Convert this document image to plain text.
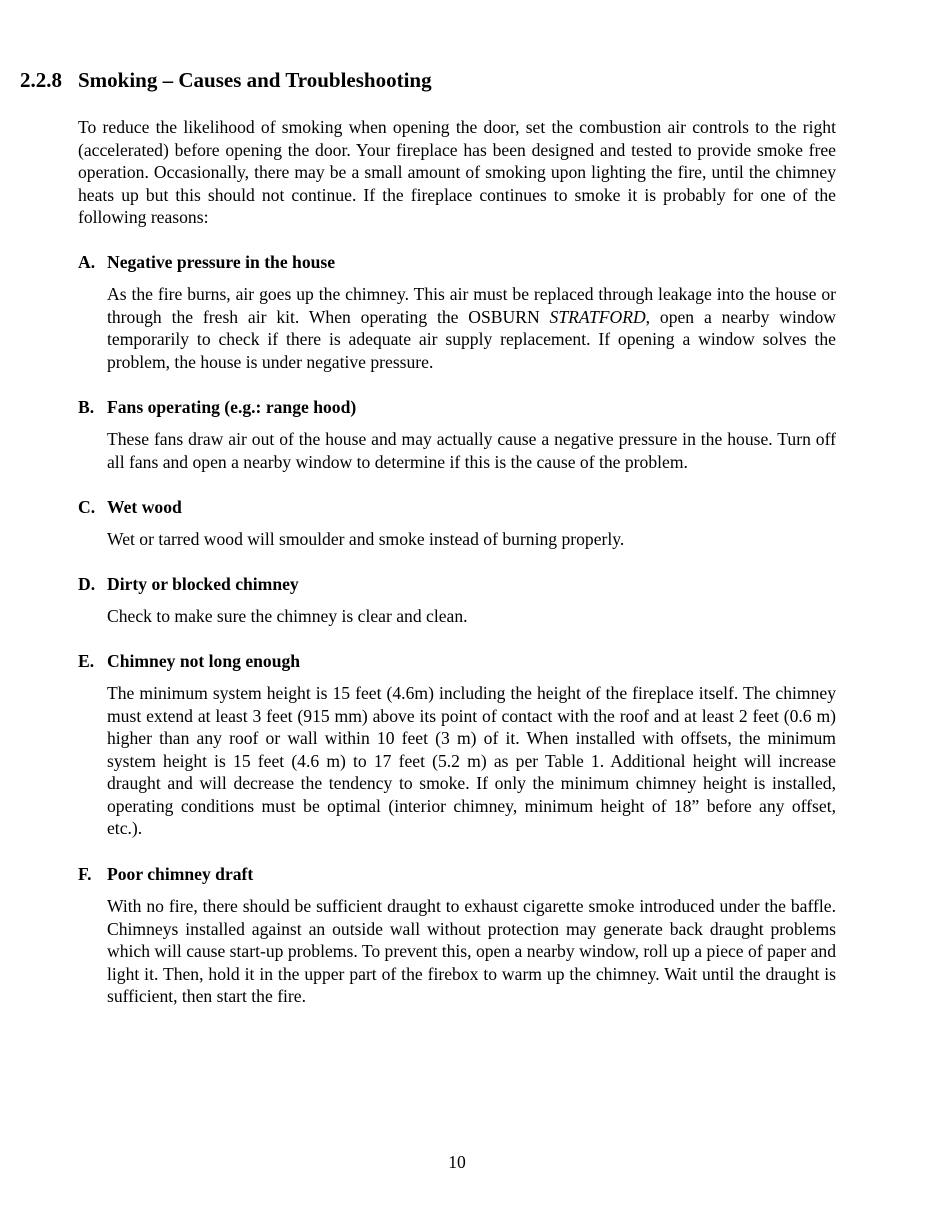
2.2.8 Smoking – Causes and Troubleshooting

To reduce the likelihood of smoking when opening the door, set the combustion air controls to the right (accelerated) before opening the door. Your fireplace has been designed and tested to provide smoke free operation. Occasionally, there may be a small amount of smoking upon lighting the fire, until the chimney heats up but this should not continue. If the fireplace continues to smoke it is probably for one of the following reasons:

A. Negative pressure in the house

As the fire burns, air goes up the chimney. This air must be replaced through leakage into the house or through the fresh air kit. When operating the OSBURN STRATFORD, open a nearby window temporarily to check if there is adequate air supply replacement. If opening a window solves the problem, the house is under negative pressure.

B. Fans operating (e.g.: range hood)

These fans draw air out of the house and may actually cause a negative pressure in the house. Turn off all fans and open a nearby window to determine if this is the cause of the problem.

C. Wet wood

Wet or tarred wood will smoulder and smoke instead of burning properly.

D. Dirty or blocked chimney

Check to make sure the chimney is clear and clean.

E. Chimney not long enough

The minimum system height is 15 feet (4.6m) including the height of the fireplace itself. The chimney must extend at least 3 feet (915 mm) above its point of contact with the roof and at least 2 feet (0.6 m) higher than any roof or wall within 10 feet (3 m) of it. When installed with offsets, the minimum system height is 15 feet (4.6 m) to 17 feet (5.2 m) as per Table 1. Additional height will increase draught and will decrease the tendency to smoke. If only the minimum chimney height is installed, operating conditions must be optimal (interior chimney, minimum height of 18” before any offset, etc.).

F. Poor chimney draft

With no fire, there should be sufficient draught to exhaust cigarette smoke introduced under the baffle. Chimneys installed against an outside wall without protection may generate back draught problems which will cause start-up problems. To prevent this, open a nearby window, roll up a piece of paper and light it. Then, hold it in the upper part of the firebox to warm up the chimney. Wait until the draught is sufficient, then start the fire.

10
